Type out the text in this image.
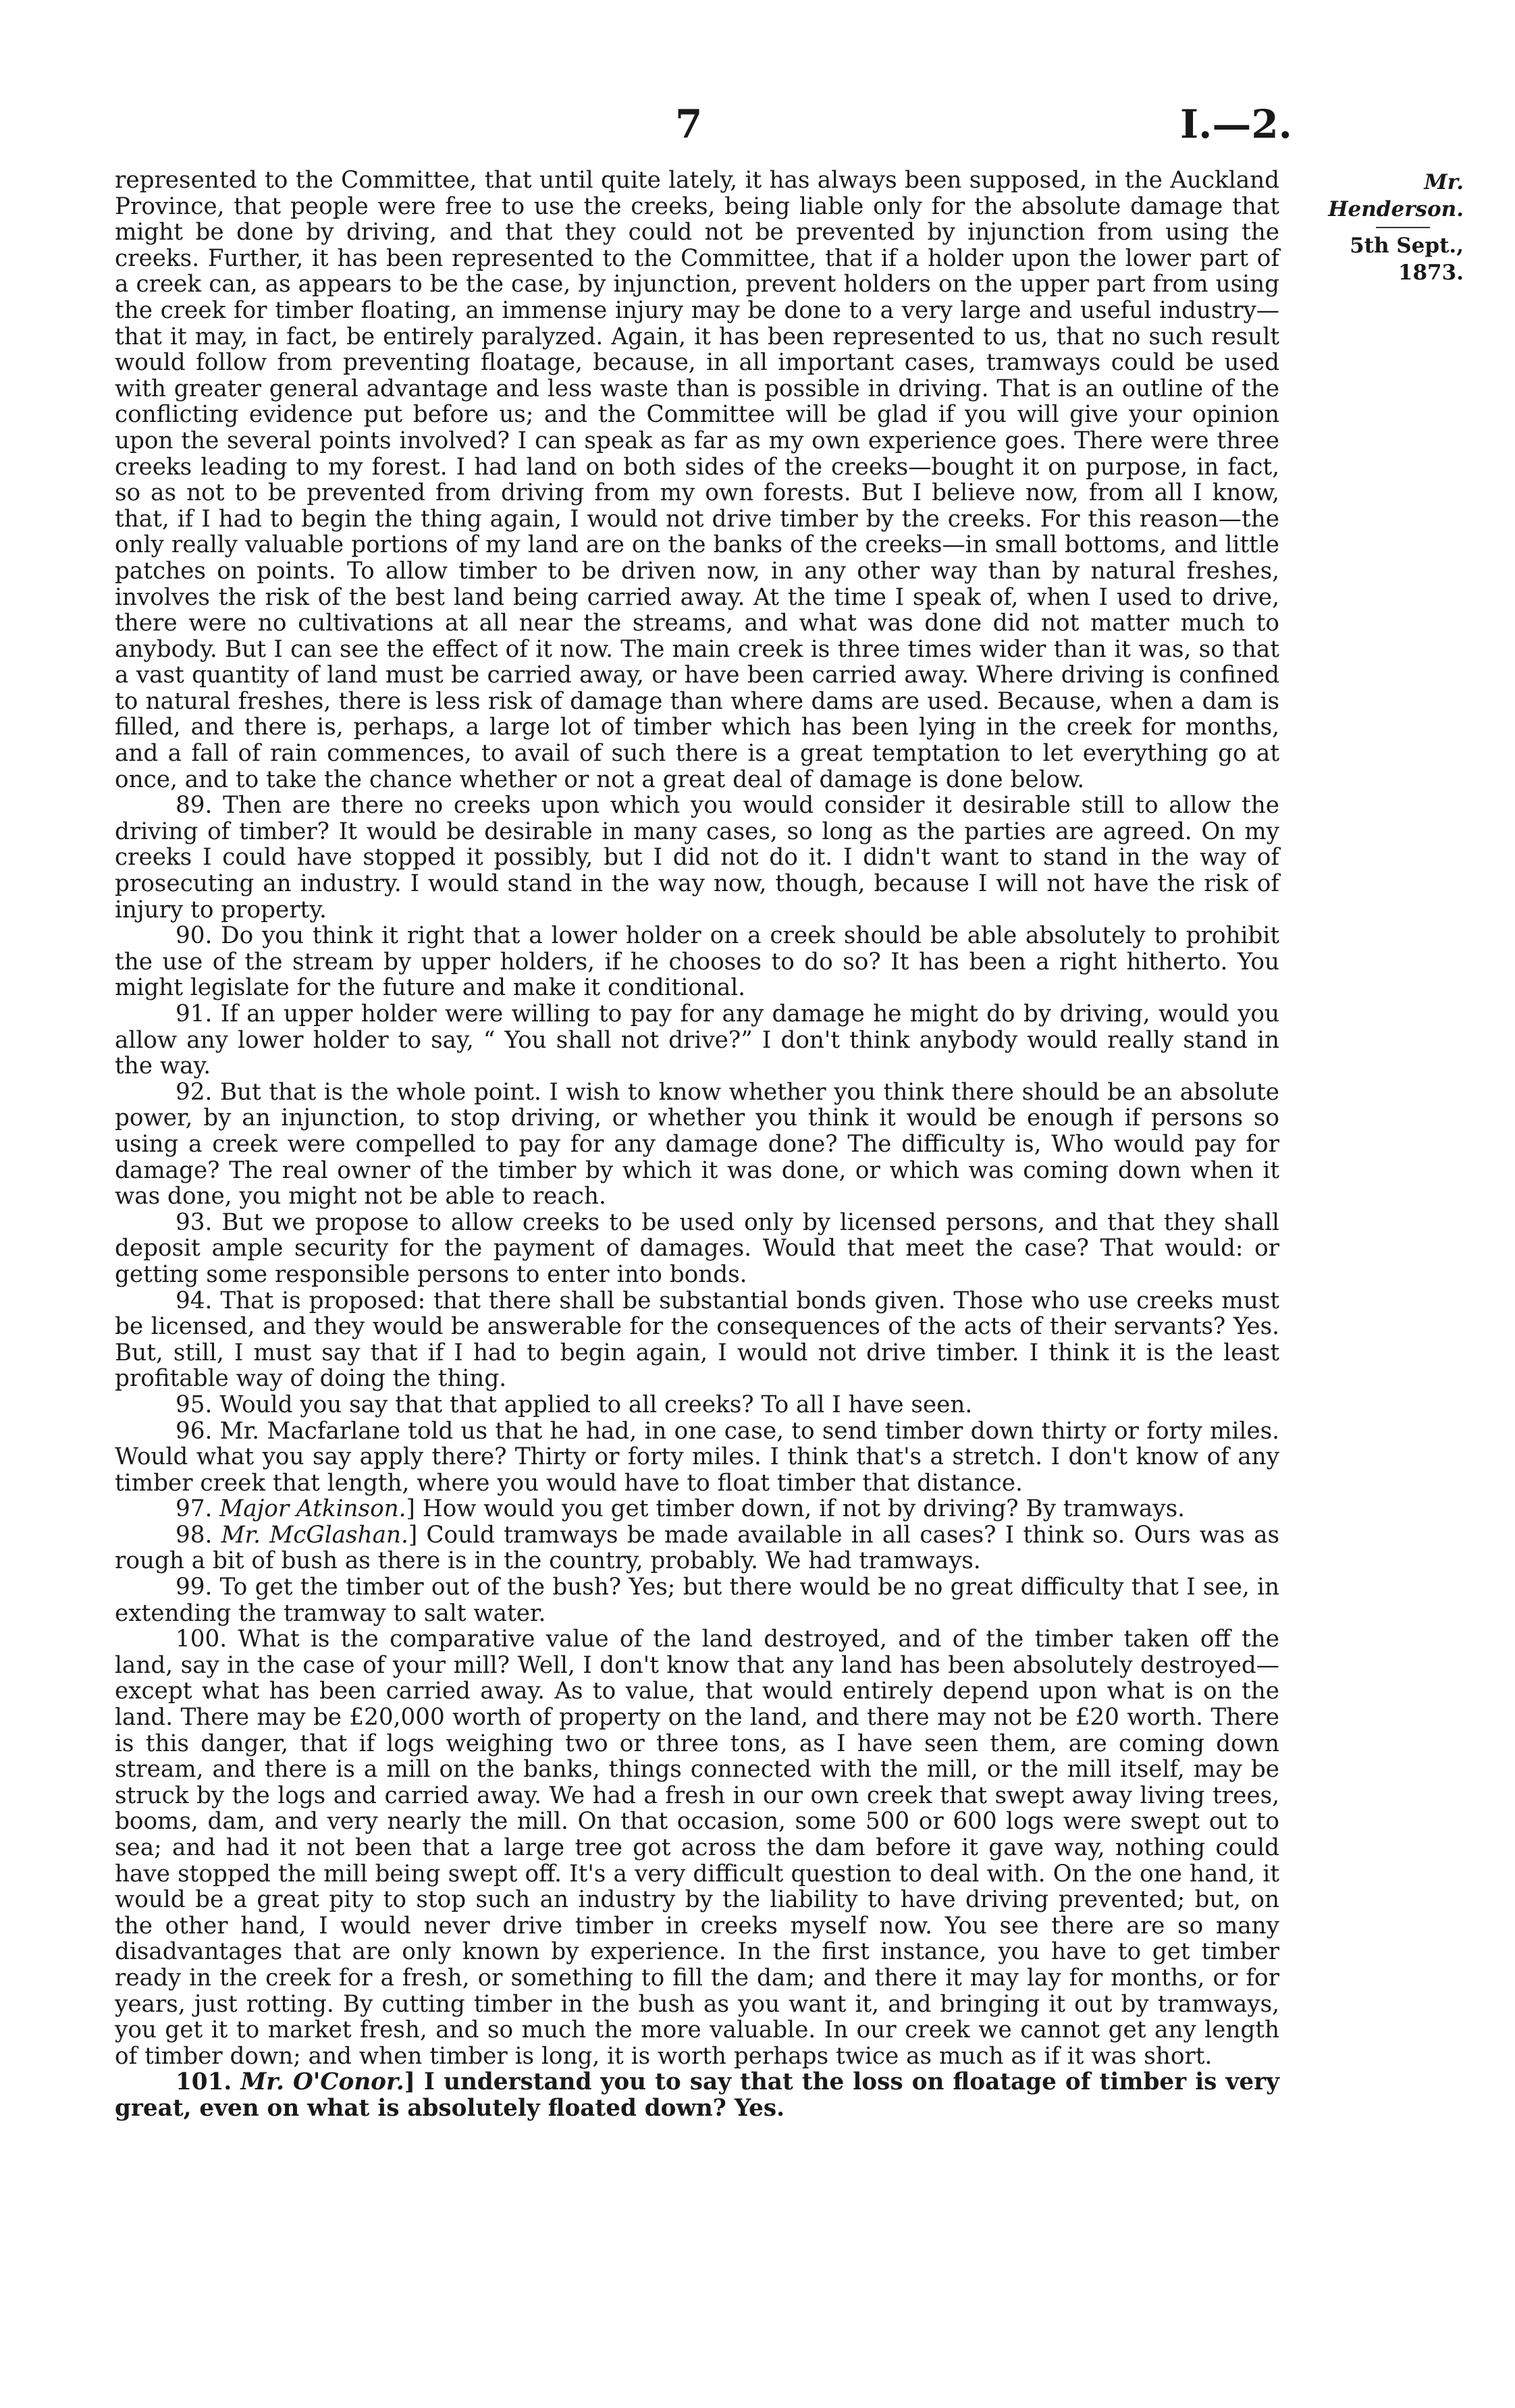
7	I.—2.
Mr. Henderson.
5th Sept., 1873.

represented to the Committee, that until quite lately, it has always been supposed, in the Auckland Province, that people were free to use the creeks, being liable only for the absolute damage that might be done by driving, and that they could not be prevented by injunction from using the creeks. Further, it has been represented to the Committee, that if a holder upon the lower part of a creek can, as appears to be the case, by injunction, prevent holders on the upper part from using the creek for timber floating, an immense injury may be done to a very large and useful industry—that it may, in fact, be entirely paralyzed. Again, it has been represented to us, that no such result would follow from preventing floatage, because, in all important cases, tramways could be used with greater general advantage and less waste than is possible in driving. That is an outline of the conflicting evidence put before us; and the Committee will be glad if you will give your opinion upon the several points involved? I can speak as far as my own experience goes. There were three creeks leading to my forest. I had land on both sides of the creeks—bought it on purpose, in fact, so as not to be prevented from driving from my own forests. But I believe now, from all I know, that, if I had to begin the thing again, I would not drive timber by the creeks. For this reason—the only really valuable portions of my land are on the banks of the creeks—in small bottoms, and little patches on points. To allow timber to be driven now, in any other way than by natural freshes, involves the risk of the best land being carried away. At the time I speak of, when I used to drive, there were no cultivations at all near the streams, and what was done did not matter much to anybody. But I can see the effect of it now. The main creek is three times wider than it was, so that a vast quantity of land must be carried away, or have been carried away. Where driving is confined to natural freshes, there is less risk of damage than where dams are used. Because, when a dam is filled, and there is, perhaps, a large lot of timber which has been lying in the creek for months, and a fall of rain commences, to avail of such there is a great temptation to let everything go at once, and to take the chance whether or not a great deal of damage is done below.

89. Then are there no creeks upon which you would consider it desirable still to allow the driving of timber? It would be desirable in many cases, so long as the parties are agreed. On my creeks I could have stopped it possibly, but I did not do it. I didn't want to stand in the way of prosecuting an industry. I would stand in the way now, though, because I will not have the risk of injury to property.

90. Do you think it right that a lower holder on a creek should be able absolutely to prohibit the use of the stream by upper holders, if he chooses to do so? It has been a right hitherto. You might legislate for the future and make it conditional.

91. If an upper holder were willing to pay for any damage he might do by driving, would you allow any lower holder to say, “ You shall not drive?” I don't think anybody would really stand in the way.

92. But that is the whole point. I wish to know whether you think there should be an absolute power, by an injunction, to stop driving, or whether you think it would be enough if persons so using a creek were compelled to pay for any damage done? The difficulty is, Who would pay for damage? The real owner of the timber by which it was done, or which was coming down when it was done, you might not be able to reach.

93. But we propose to allow creeks to be used only by licensed persons, and that they shall deposit ample security for the payment of damages. Would that meet the case? That would: or getting some responsible persons to enter into bonds.

94. That is proposed: that there shall be substantial bonds given. Those who use creeks must be licensed, and they would be answerable for the consequences of the acts of their servants? Yes. But, still, I must say that if I had to begin again, I would not drive timber. I think it is the least profitable way of doing the thing.

95. Would you say that that applied to all creeks? To all I have seen.

96. Mr. Macfarlane told us that he had, in one case, to send timber down thirty or forty miles. Would what you say apply there? Thirty or forty miles. I think that's a stretch. I don't know of any timber creek that length, where you would have to float timber that distance.

97. Major Atkinson.] How would you get timber down, if not by driving? By tramways.

98. Mr. McGlashan.] Could tramways be made available in all cases? I think so. Ours was as rough a bit of bush as there is in the country, probably. We had tramways.

99. To get the timber out of the bush? Yes; but there would be no great difficulty that I see, in extending the tramway to salt water.

100. What is the comparative value of the land destroyed, and of the timber taken off the land, say in the case of your mill? Well, I don't know that any land has been absolutely destroyed—except what has been carried away. As to value, that would entirely depend upon what is on the land. There may be £20,000 worth of property on the land, and there may not be £20 worth. There is this danger, that if logs weighing two or three tons, as I have seen them, are coming down stream, and there is a mill on the banks, things connected with the mill, or the mill itself, may be struck by the logs and carried away. We had a fresh in our own creek that swept away living trees, booms, dam, and very nearly the mill. On that occasion, some 500 or 600 logs were swept out to sea; and had it not been that a large tree got across the dam before it gave way, nothing could have stopped the mill being swept off. It's a very difficult question to deal with. On the one hand, it would be a great pity to stop such an industry by the liability to have driving prevented; but, on the other hand, I would never drive timber in creeks myself now. You see there are so many disadvantages that are only known by experience. In the first instance, you have to get timber ready in the creek for a fresh, or something to fill the dam; and there it may lay for months, or for years, just rotting. By cutting timber in the bush as you want it, and bringing it out by tramways, you get it to market fresh, and so much the more valuable. In our creek we cannot get any length of timber down; and when timber is long, it is worth perhaps twice as much as if it was short.

101. Mr. O'Conor.] I understand you to say that the loss on floatage of timber is very great, even on what is absolutely floated down? Yes.
